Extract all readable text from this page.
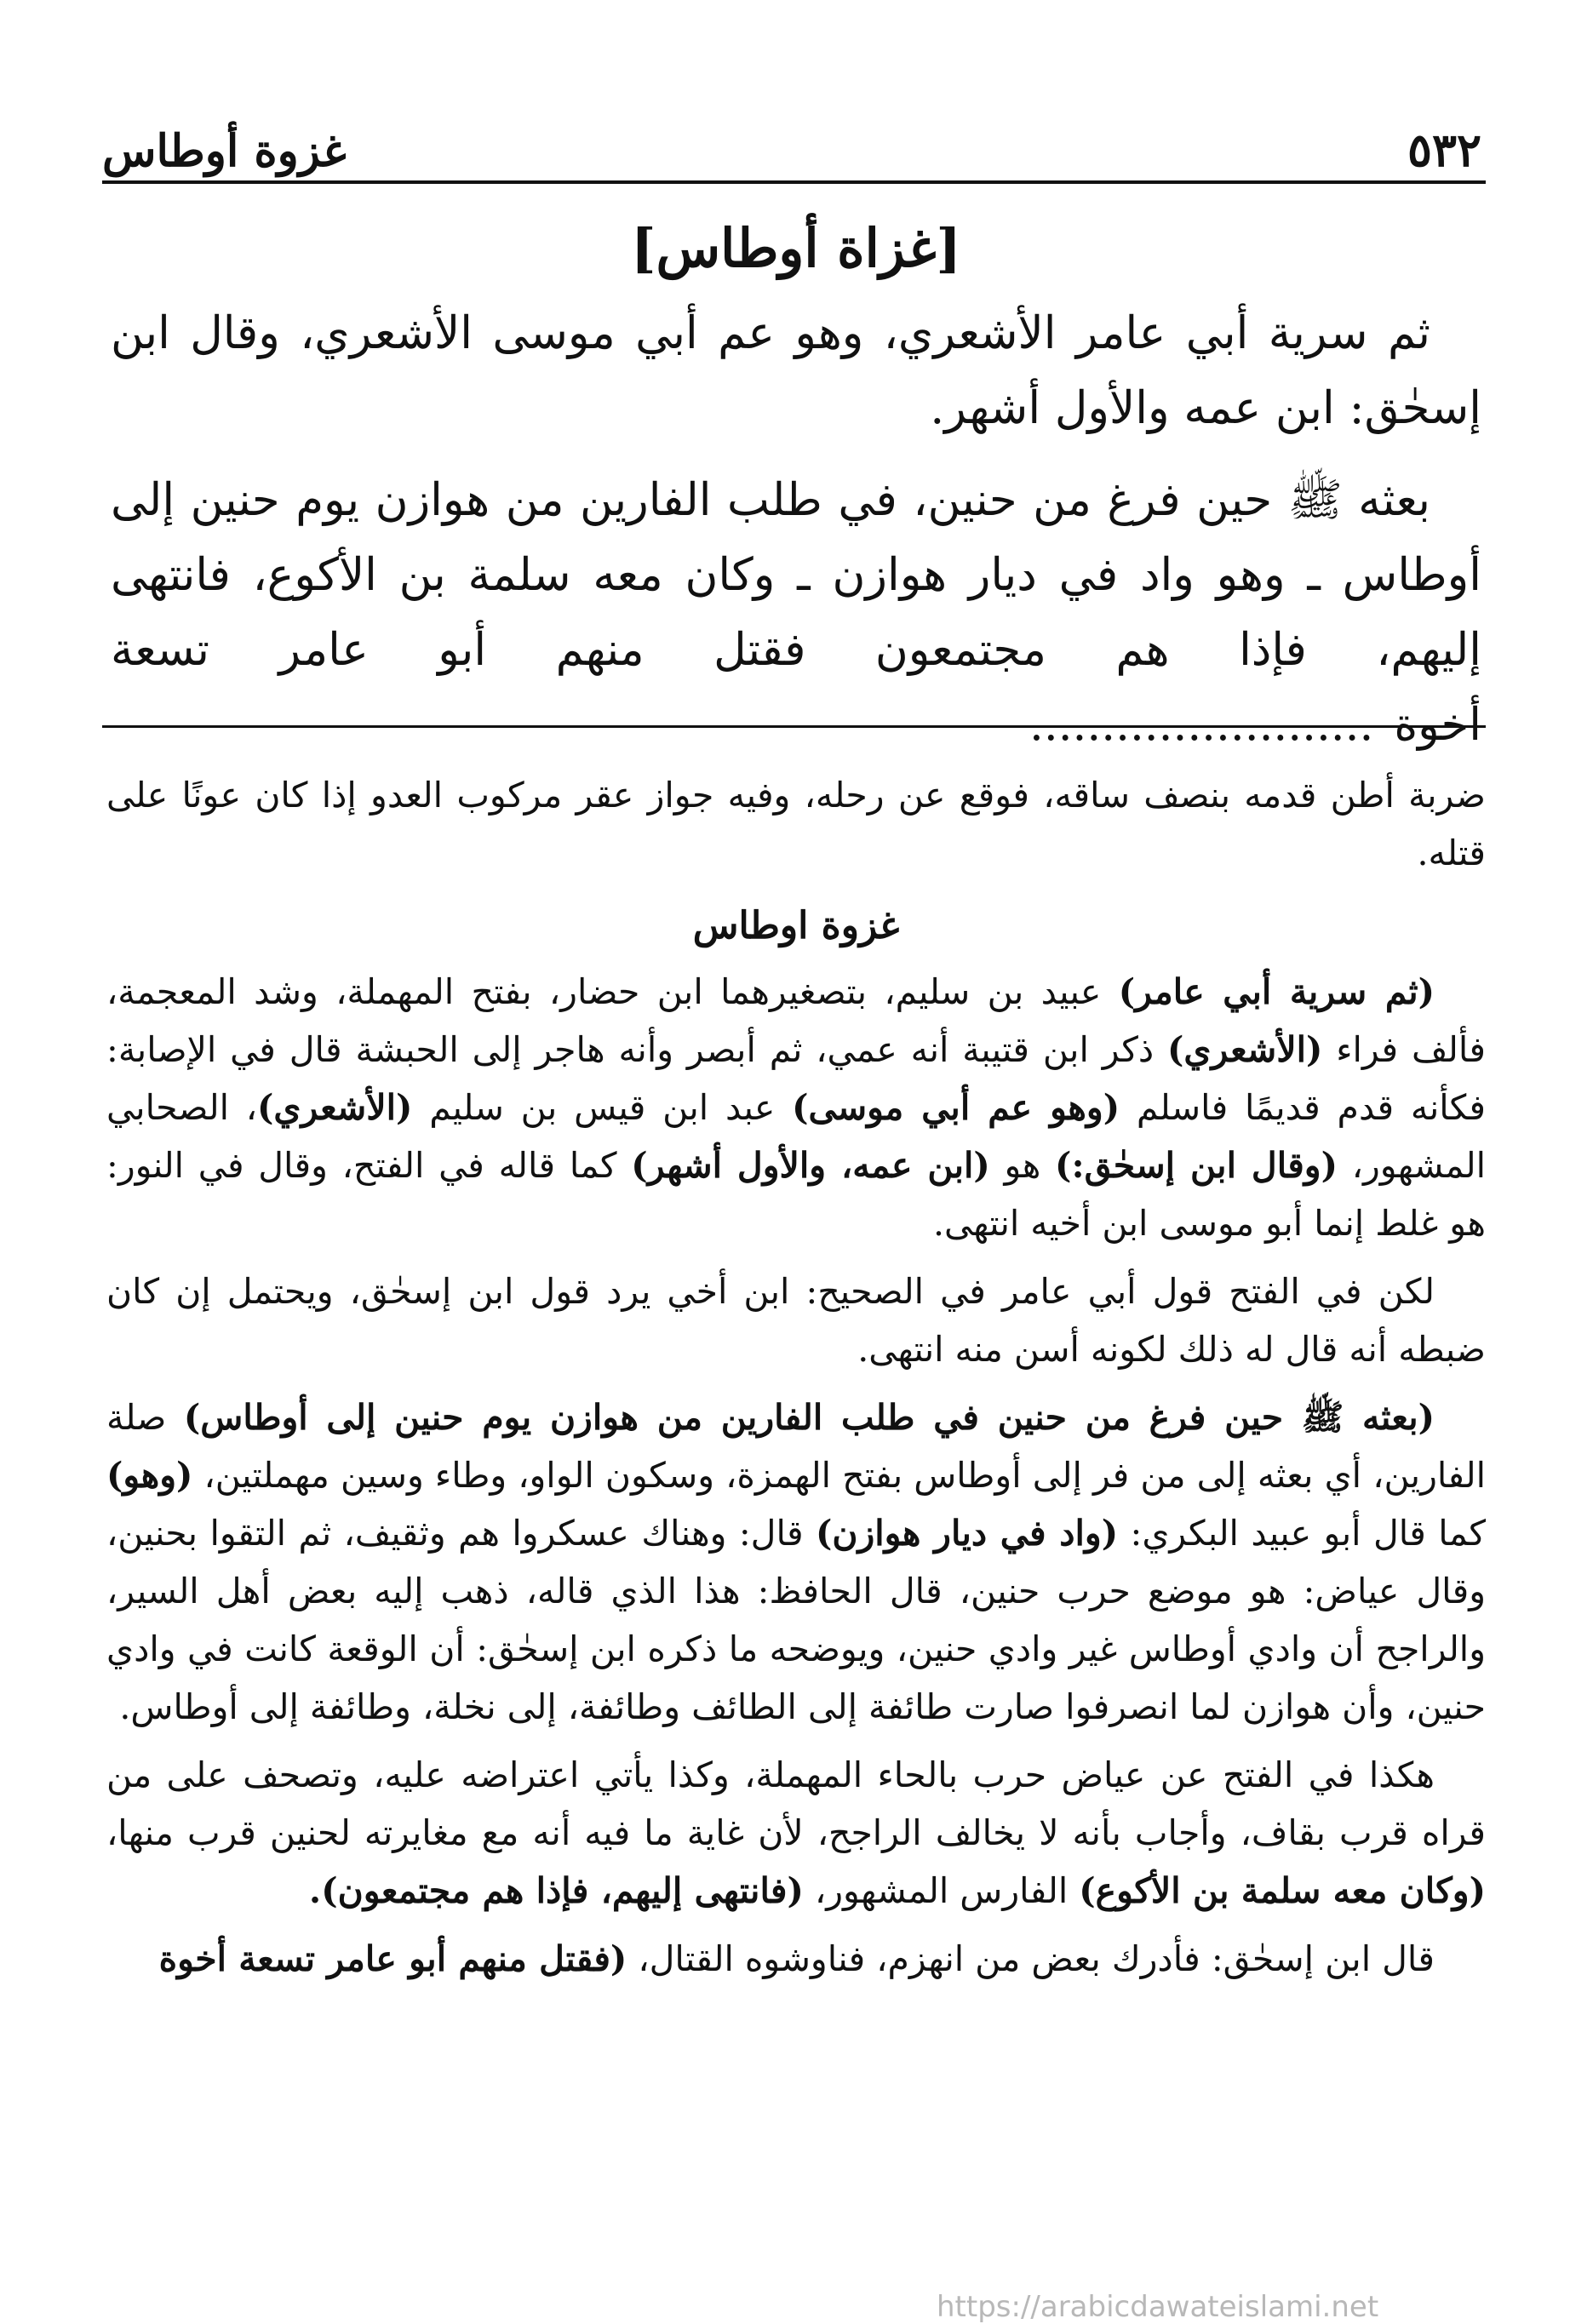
٥٣٢
غزوة أوطاس
[غزاة أوطاس]

ثم سرية أبي عامر الأشعري، وهو عم أبي موسى الأشعري، وقال ابن إسحٰق: ابن عمه والأول أشهر.

بعثه ﷺ حين فرغ من حنين، في طلب الفارين من هوازن يوم حنين إلى أوطاس ـ وهو واد في ديار هوازن ـ وكان معه سلمة بن الأكوع، فانتهى إليهم، فإذا هم مجتمعون فقتل منهم أبو عامر تسعة أخوة........................

ضربة أطن قدمه بنصف ساقه، فوقع عن رحله، وفيه جواز عقر مركوب العدو إذا كان عونًا على قتله.

غزوة اوطاس

(ثم سرية أبي عامر) عبيد بن سليم، بتصغيرهما ابن حضار، بفتح المهملة، وشد المعجمة، فألف فراء (الأشعري) ذكر ابن قتيبة أنه عمي، ثم أبصر وأنه هاجر إلى الحبشة قال في الإصابة: فكأنه قدم قديمًا فاسلم (وهو عم أبي موسى) عبد ابن قيس بن سليم (الأشعري)، الصحابي المشهور، (وقال ابن إسحٰق:) هو (ابن عمه، والأول أشهر) كما قاله في الفتح، وقال في النور: هو غلط إنما أبو موسى ابن أخيه انتهى.

لكن في الفتح قول أبي عامر في الصحيح: ابن أخي يرد قول ابن إسحٰق، ويحتمل إن كان ضبطه أنه قال له ذلك لكونه أسن منه انتهى.

(بعثه ﷺ حين فرغ من حنين في طلب الفارين من هوازن يوم حنين إلى أوطاس) صلة الفارين، أي بعثه إلى من فر إلى أوطاس بفتح الهمزة، وسكون الواو، وطاء وسين مهملتين، (وهو) كما قال أبو عبيد البكري: (واد في ديار هوازن) قال: وهناك عسكروا هم وثقيف، ثم التقوا بحنين، وقال عياض: هو موضع حرب حنين، قال الحافظ: هذا الذي قاله، ذهب إليه بعض أهل السير، والراجح أن وادي أوطاس غير وادي حنين، ويوضحه ما ذكره ابن إسحٰق: أن الوقعة كانت في وادي حنين، وأن هوازن لما انصرفوا صارت طائفة إلى الطائف وطائفة، إلى نخلة، وطائفة إلى أوطاس.

هكذا في الفتح عن عياض حرب بالحاء المهملة، وكذا يأتي اعتراضه عليه، وتصحف على من قراه قرب بقاف، وأجاب بأنه لا يخالف الراجح، لأن غاية ما فيه أنه مع مغايرته لحنين قرب منها، (وكان معه سلمة بن الأكوع) الفارس المشهور، (فانتهى إليهم، فإذا هم مجتمعون).

قال ابن إسحٰق: فأدرك بعض من انهزم، فناوشوه القتال، (فقتل منهم أبو عامر تسعة أخوة

https://arabicdawateislami.net
